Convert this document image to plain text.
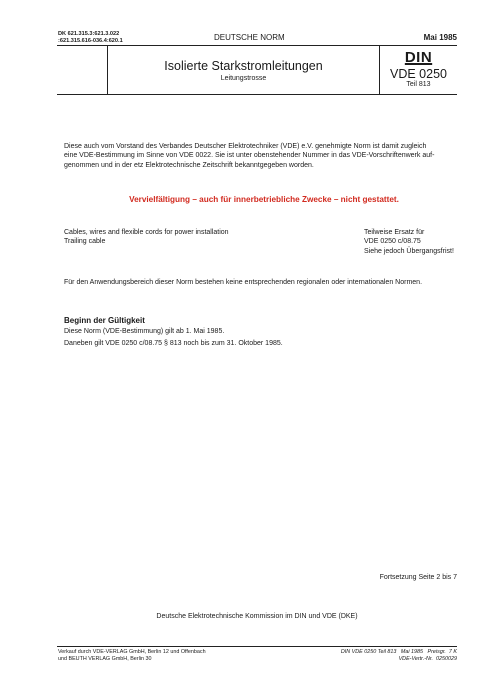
DK 621.315.3:621.3.022
:621.315.616-036.4:620.1	DEUTSCHE NORM	Mai 1985
Isolierte Starkstromleitungen
Leitungstrosse
DIN
VDE 0250
Teil 813
Diese auch vom Vorstand des Verbandes Deutscher Elektrotechniker (VDE) e.V. genehmigte Norm ist damit zugleich
eine VDE-Bestimmung im Sinne von VDE 0022. Sie ist unter obenstehender Nummer in das VDE-Vorschriftenwerk auf-
genommen und in der etz Elektrotechnische Zeitschrift bekanntgegeben worden.
Vervielfältigung – auch für innerbetriebliche Zwecke – nicht gestattet.
Cables, wires and flexible cords for power installation
Trailing cable
Teilweise Ersatz für
VDE 0250 c/08.75
Siehe jedoch Übergangsfrist!
Für den Anwendungsbereich dieser Norm bestehen keine entsprechenden regionalen oder internationalen Normen.
Beginn der Gültigkeit
Diese Norm (VDE-Bestimmung) gilt ab 1. Mai 1985.
Daneben gilt VDE 0250 c/08.75 § 813 noch bis zum 31. Oktober 1985.
Fortsetzung Seite 2 bis 7
Deutsche Elektrotechnische Kommission im DIN und VDE (DKE)
Verkauf durch VDE-VERLAG GmbH, Berlin 12 und Offenbach
und BEUTH VERLAG GmbH, Berlin 30
DIN VDE 0250 Teil 813   Mai 1985   Preisgr.  7 K
VDE-Vertr.-Nr.  0250029
